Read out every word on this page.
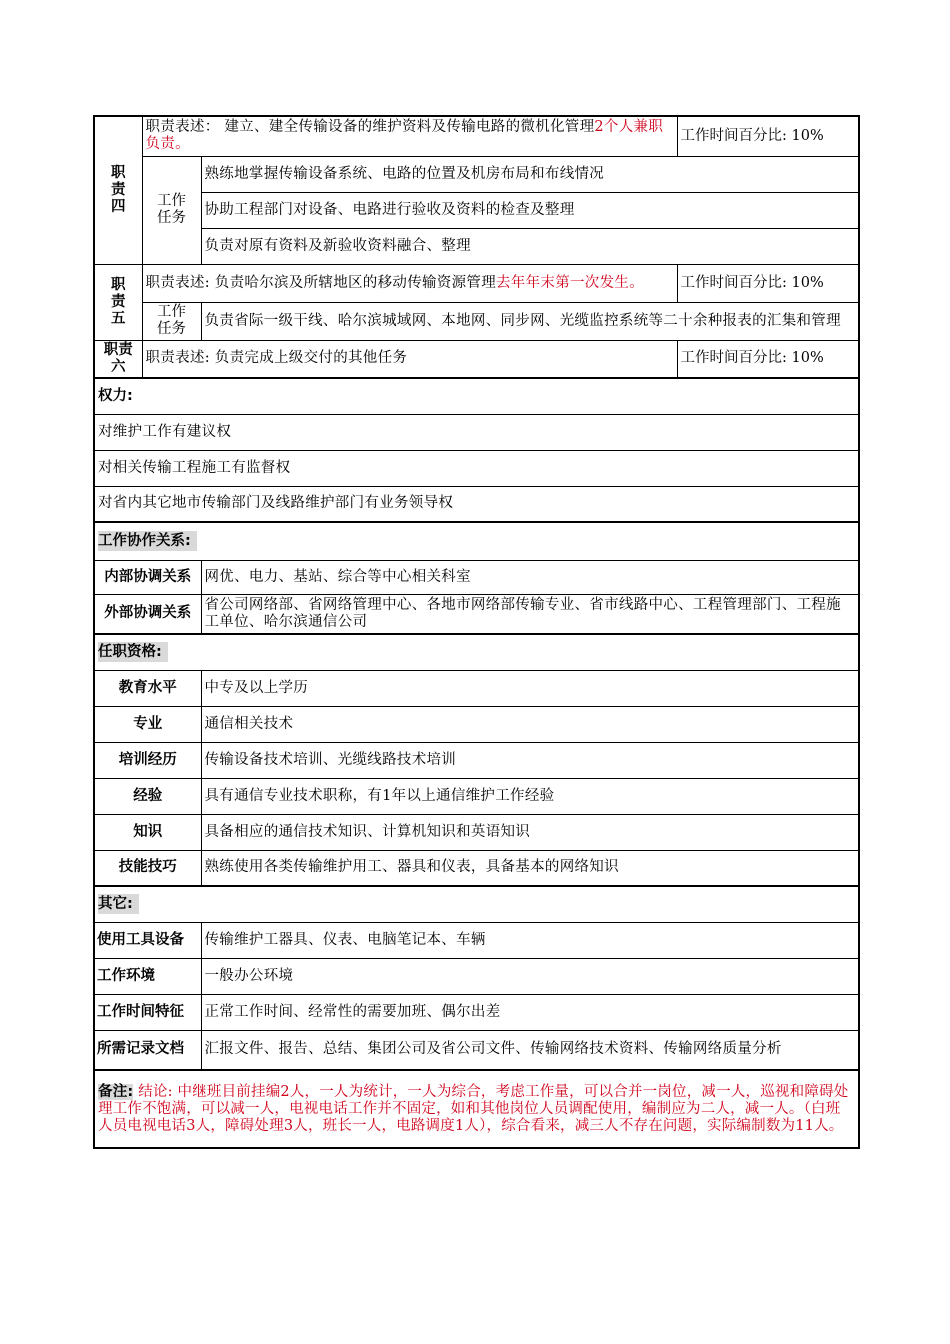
职
责
四	职责表述： 建立、建全传输设备的维护资料及传输电路的微机化管理2个人兼职负责。		工作时间百分比: 10%

	工作
任务	熟练地掌握传输设备系统、电路的位置及机房布局和布线情况	
		协助工程部门对设备、电路进行验收及资料的检查及整理	
		负责对原有资料及新验收资料融合、整理	

职
责
五	职责表述: 负责哈尔滨及所辖地区的移动传输资源管理去年年末第一次发生。		工作时间百分比: 10%

	工作
任务	负责省际一级干线、哈尔滨城域网、本地网、同步网、光缆监控系统等二十余种报表的汇集和管理	

职责
六	职责表述: 负责完成上级交付的其他任务		工作时间百分比: 10%
权力:			
对维护工作有建议权			
对相关传输工程施工有监督权			
对省内其它地市传输部门及线路维护部门有业务领导权			
工作协作关系:			
内部协调关系		网优、电力、基站、综合等中心相关科室	
外部协调关系		省公司网络部、省网络管理中心、各地市网络部传输专业、省市线路中心、工程管理部门、工程施工单位、哈尔滨通信公司	
任职资格:			
教育水平		中专及以上学历	
专业		通信相关技术	
培训经历		传输设备技术培训、光缆线路技术培训	
经验		具有通信专业技术职称，有1年以上通信维护工作经验	
知识		具备相应的通信技术知识、计算机知识和英语知识	
技能技巧		熟练使用各类传输维护用工、器具和仪表，具备基本的网络知识	
其它:			
使用工具设备		传输维护工器具、仪表、电脑笔记本、车辆	
工作环境		一般办公环境	
工作时间特征		正常工作时间、经常性的需要加班、偶尔出差	
所需记录文档		汇报文件、报告、总结、集团公司及省公司文件、传输网络技术资料、传输网络质量分析	
备注: 结论: 中继班目前挂编2人，一人为统计，一人为综合，考虑工作量，可以合并一岗位，减一人，巡视和障碍处理工作不饱满，可以减一人，电视电话工作并不固定，如和其他岗位人员调配使用，编制应为二人，减一人。（白班人员电视电话3人，障碍处理3人，班长一人，电路调度1人），综合看来，减三人不存在问题，实际编制数为11人。			
